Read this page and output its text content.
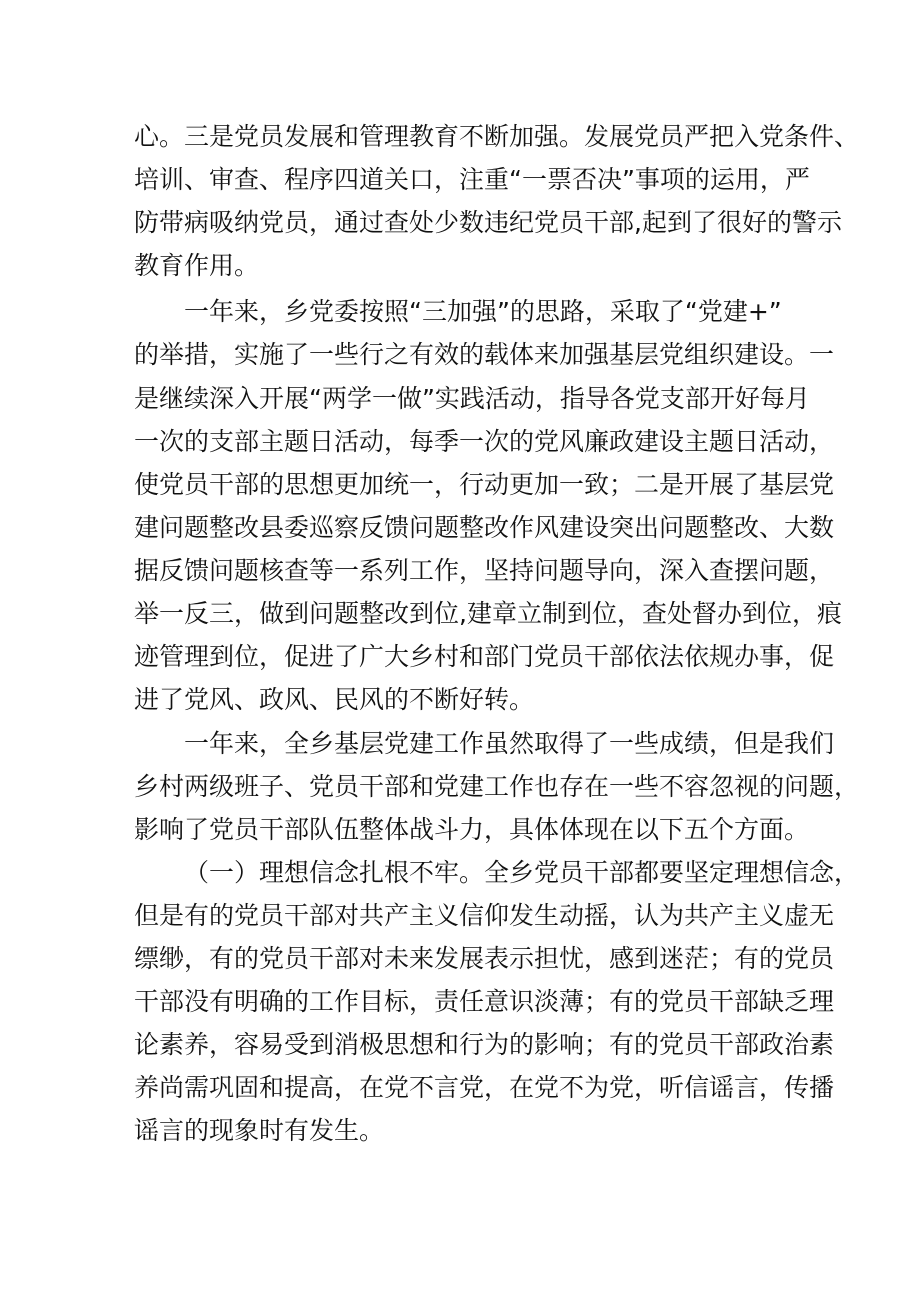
心。三是党员发展和管理教育不断加强。发展党员严把入党条件、
培训、审查、程序四道关口，注重“一票否决”事项的运用，严
防带病吸纳党员，通过查处少数违纪党员干部,起到了很好的警示
教育作用。
一年来，乡党委按照“三加强”的思路，采取了“党建+”
的举措，实施了一些行之有效的载体来加强基层党组织建设。一
是继续深入开展“两学一做”实践活动，指导各党支部开好每月
一次的支部主题日活动，每季一次的党风廉政建设主题日活动，
使党员干部的思想更加统一，行动更加一致；二是开展了基层党
建问题整改县委巡察反馈问题整改作风建设突出问题整改、大数
据反馈问题核查等一系列工作，坚持问题导向，深入查摆问题，
举一反三，做到问题整改到位,建章立制到位，查处督办到位，痕
迹管理到位，促进了广大乡村和部门党员干部依法依规办事，促
进了党风、政风、民风的不断好转。
一年来，全乡基层党建工作虽然取得了一些成绩，但是我们
乡村两级班子、党员干部和党建工作也存在一些不容忽视的问题，
影响了党员干部队伍整体战斗力，具体体现在以下五个方面。
（一）理想信念扎根不牢。全乡党员干部都要坚定理想信念，
但是有的党员干部对共产主义信仰发生动摇，认为共产主义虚无
缥缈，有的党员干部对未来发展表示担忧，感到迷茫；有的党员
干部没有明确的工作目标，责任意识淡薄；有的党员干部缺乏理
论素养，容易受到消极思想和行为的影响；有的党员干部政治素
养尚需巩固和提高，在党不言党，在党不为党，听信谣言，传播
谣言的现象时有发生。
